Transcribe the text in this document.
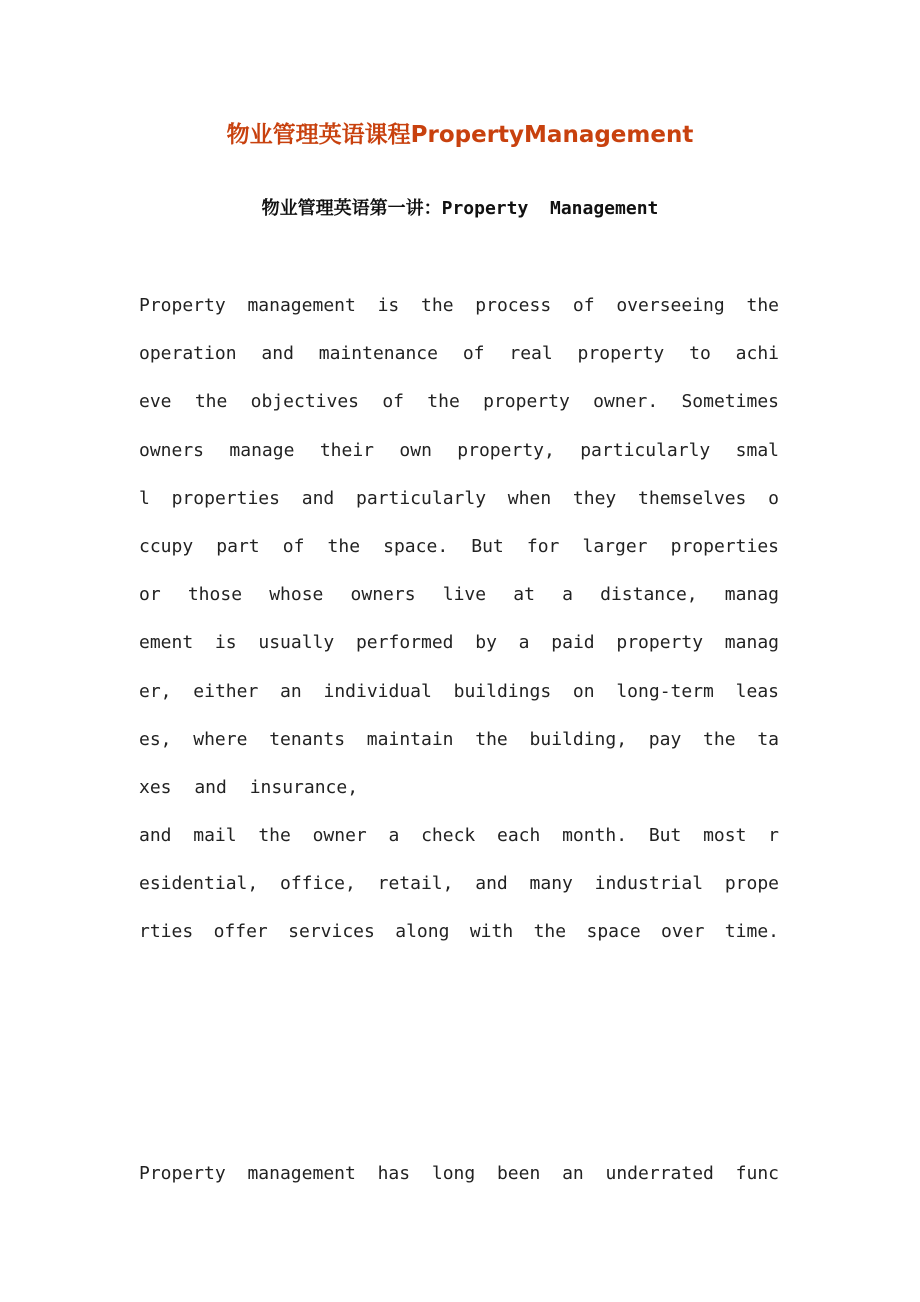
物业管理英语课程PropertyManagement
物业管理英语第一讲：Property  Management
Property management is the process of overseeing the
operation and maintenance of real property to achi
eve the objectives of the property owner. Sometimes
owners manage their own property, particularly smal
l properties and particularly when they themselves o
ccupy part of the space. But for larger properties
or those whose owners live at a distance, manag
ement is usually performed by a paid property manag
er, either an individual buildings on long-term leas
es, where tenants maintain the building, pay the ta
xes and insurance,
and mail the owner a check each month. But most r
esidential, office, retail, and many industrial prope
rties offer services along with the space over time.
Property management has long been an underrated func
